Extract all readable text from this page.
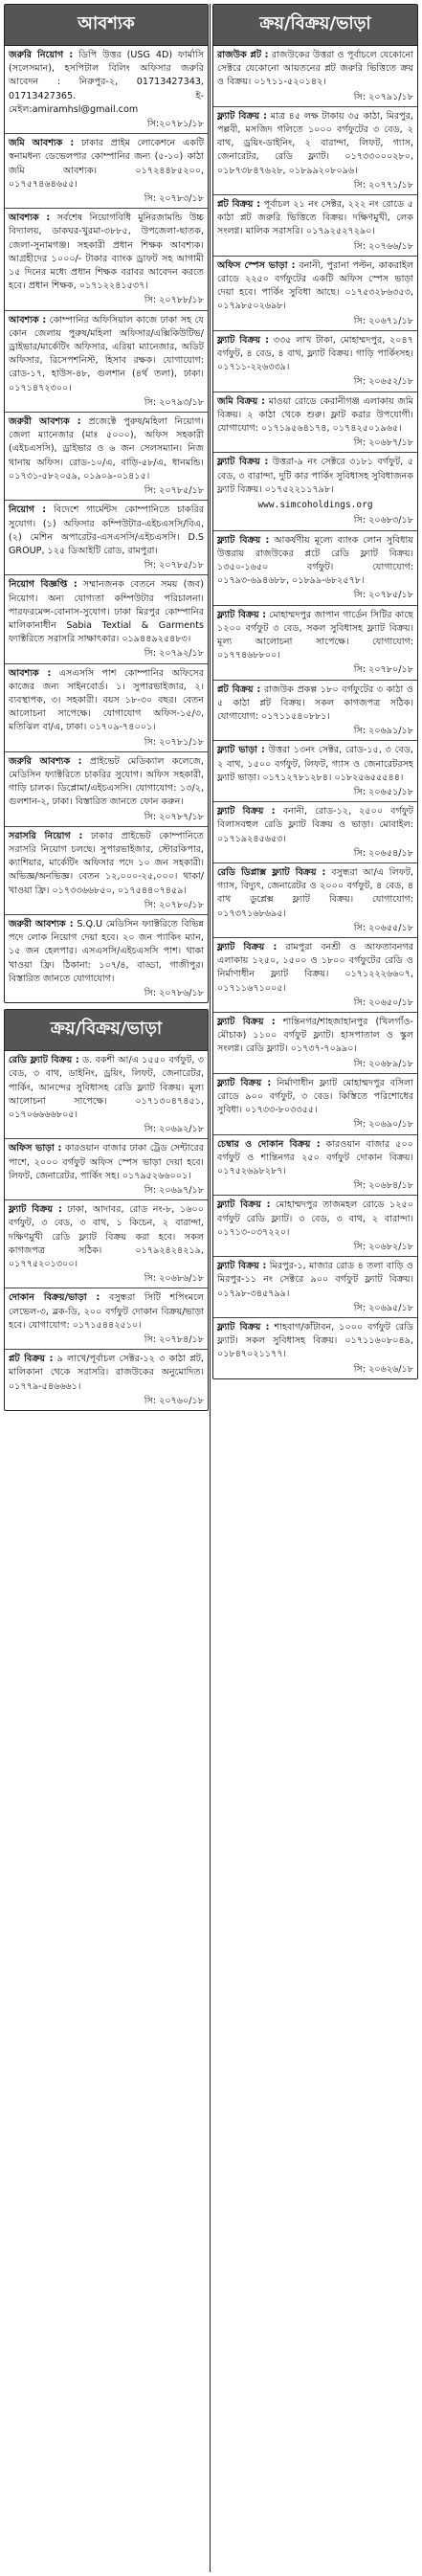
আবশ্যক
জরুরি নিয়োগ : ডিপি উত্তর (USG 4D) ফার্মাসি (সলেসমান), হসপিটাল বিলিং অফিসার জরুরি আবেদন : নিরুপুর-২, 01713427343, 01713427365. ই-মেইল:amiramhsl@gmail.com
সি:২০৭৮১/১৮
জমি আবশ্যক : ঢাকার প্রাইম লোকেশনে একটি স্বনামধন্য ডেভেলপার কোম্পানির জন্য (৫-১০) কাঠা জমি আবশ্যক। ০১৭২৪৪৮৫২০০, ০১৭৫৭৪৬৪৬৫৫।
সি: ২০৭৮৩/১৮
আবশ্যক : সর্বশেষ নিয়োগবিধি মুনিরজামন্ডি উচ্চ বিদ্যালয়, ডাকঘর-খুরমা-৩৮৮৫, উপজেলা-ছাতক, জেলা-সুনামগঞ্জ। সহকারী প্রধান শিক্ষক আবশ্যক। আগ্রহীদের ১০০০/- টাকার ব্যাংক ড্রাফট সহ আগামী ১৫ দিনের মধ্যে প্রধান শিক্ষক বরাবর আবেদন করতে হবে। প্রধান শিক্ষক, ০১৭১২২৪১৫৩৭।
সি: ২০৭৮৮/১৮
আবশ্যক : কোম্পানির অফিসিয়াল কাজে ঢাকা সহ যে কোন জেলায় পুরুষ/মহিলা অফিসার/এক্সিকিউটিভ/ড্রাইভার/মার্কেটিং অফিসার, এরিয়া ম্যানেজার, অডিট অফিসার, রিসেপশনিস্ট, হিসাব রক্ষক। যোগাযোগ: রোড-১৭, হাউস-৪৮, গুলশান (৪র্থ তলা), ঢাকা। ০১৭১৪৭২৩০০।
সি: ২০৭৯৩/১৮
জরুরী আবশ্যক : প্রজেক্টে পুরুষ/মহিলা নিয়োগ। জেলা ম্যানেজার (মাঃ ৫০০০), অফিস সহকারী (এইচএসসি), ড্রাইভার ও ৬ জন সেলসম্যান। নিজ থানায় অফিস। রোড-১০/এ, বাড়ি-৫৮/এ, ধানমন্ডি। ০১৭৩১-৫৮২০৫৯, ০১৯০৯-০১৪১৫।
সি: ২০৭৮৫/১৮
নিয়োগ : বিদেশে গার্মেন্টস কোম্পানিতে চাকরির সুযোগ। (১) অফিসার কম্পিউটার-এইচএসসি/বিএ, (২) মেশিন অপারেটর-এসএসসি/এইচএসসি। D.S GROUP, ১২৫ ডিআইটি রোড, রামপুরা।
সি: ২০৭৮৫/১৮
নিয়োগ বিজ্ঞপ্তি : সম্মানজনক বেতনে সময় (জব) নিয়োগ। অন্য যোগ্যতা কম্পিউটার পরিচালনা। পারফরমেন্স-বোনাস-সুযোগ। ঢাকা মিরপুর কোম্পানির মালিকানাধীন Sabia Textial & Garments ফ্যাক্টরিতে সরাসরি সাক্ষাৎকার। ০১৯৪৪৯২৫৪৮৩।
সি: ২০৭৯২/১৮
আবশ্যক : এসএসসি পাশ কোম্পানির অফিসের কাজের জন্য সাইনবোর্ড। ১। সুপারভাইজার, ২। ব্যবস্থাপক, ৩। সহকারী। বয়স ১৮-৩০ বছর। বেতন আলোচনা সাপেক্ষে। যোগাযোগ অফিস-১৫/৩, মতিঝিল বা/এ, ঢাকা। ০১৭০৯-৭৪০০১।
সি: ২০৭৮১/১৮
জরুরি আবশ্যক : প্রাইভেট মেডিক্যাল কলেজে, মেডিসিন ফ্যাক্টরিতে চাকরির সুযোগ। অফিস সহকারী, গাড়ি চালক। ডিপ্লোমা/এইচএসসি। যোগাযোগ: ১৩/২, গুলশান-২, ঢাকা। বিস্তারিত জানতে ফোন করুন।
সি: ২০৭৮৭/১৮
সরাসরি নিয়োগ : ঢাকার প্রাইভেট কোম্পানিতে সরাসরি নিয়োগ চলছে। সুপারভাইজার, স্টোরকিপার, ক্যাশিয়ার, মার্কেটিং অফিসার পদে ১০ জন সহকারী। অভিজ্ঞ/অনভিজ্ঞ। বেতন ১২,০০০-২৫,০০০। থাকা/খাওয়া ফ্রি। ০১৭৩৩৬৬৮৫০, ০১৭৫৪৪০৭৪৫৯।
সি: ২০৭৮০/১৮
জরুরী আবশ্যক : S.Q.U মেডিসিন ফ্যাক্টরিতে বিভিন্ন পদে লোক নিয়োগ দেয়া হবে। ২০ জন প্যাকিং ম্যান, ১৫ জন হেলপার। এসএসসি/এইচএসসি পাশ। থাকা খাওয়া ফ্রি। ঠিকানা: ১০৭/৪, বাড্ডা, গাজীপুর। বিস্তারিত জানতে যোগাযোগ।
সি: ২০৭৮৬/১৮
ক্রয়/বিক্রয়/ভাড়া
রেডি ফ্ল্যাট বিক্রয় : ড. বকশী আ/এ ১৫৫০ বর্গফুট, ৩ বেড, ৩ বাথ, ডাইনিং, ড্রয়িং, লিফট, জেনারেটর, পার্কিং, আনন্দের সুবিধাসহ রেডি ফ্ল্যাট বিক্রয়। মূল্য আলোচনা সাপেক্ষে। ০১৭১৩০৪৭৪৫১, ০১৭০৬৬৬৬৮০৫।
সি: ২০৬৯২/১৮
অফিস ভাড়া : কারওয়ান বাজার ঢাকা ট্রেড সেন্টারের পাশে, ২০০০ বর্গফুট অফিস স্পেস ভাড়া দেয়া হবে। লিফট, জেনারেটর, পার্কিং সহ। ০১৭৯৫২৬৬০০১।
সি: ২০৬৯৭/১৮
ফ্ল্যাট বিক্রয় : ঢাকা, আদাবর, রোড নং-৮, ১৬০০ বর্গফুট, ৩ বেড, ৩ বাথ, ১ কিচেন, ২ বারান্দা, দক্ষিণমুখী রেডি ফ্ল্যাট বিক্রয় করা হবে। সকল কাগজপত্র সঠিক। ০১৭৯২৪২৪২১৯, ০১৭৭৫২০১৩০০।
সি: ২০৬৮৬/১৮
দোকান বিক্রয়/ভাড়া : বসুন্ধরা সিটি শপিংমলে লেভেল-৩, ব্লক-ডি, ২০০ বর্গফুট দোকান বিক্রয়/ভাড়া হবে। যোগাযোগ: ০১৭১৫৪৪২৫১০।
সি: ২০৭৮৪/১৮
প্লট বিক্রয় : ৯ লাখে/পূর্বাচল সেক্টর-১২ ৩ কাঠা প্লট, মালিকানা থেকে সরাসরি। রাজউকের অনুমোদিত। ০১৭৭৯-৫৪৬৬৬১।
সি: ২০৭৬০/১৮
ক্রয়/বিক্রয়/ভাড়া
রাজউক প্লট : রাজউকের উত্তরা ও পূর্বাচলে যেকোনো সেক্টরে যেকোনো আয়তনের প্লট জরুরি ভিত্তিতে ক্রয় ও বিক্রয়। ০১৭১১-৫২০১৪২।
সি: ২০৭৯১/১৮
ফ্ল্যাট বিক্রয় : মাত্র ৪৫ লক্ষ টাকায় ৩৫ কাঠা, মিরপুর, পল্লবী, মসজিদ গলিতে ১০০০ বর্গফুটের ৩ বেড, ২ বাথ, ড্রয়িং-ডাইনিং, ২ বারান্দা, লিফট, গ্যাস, জেনারেটর, রেডি ফ্ল্যাট। ০১৭৩৩০০০২৮০, ০১৮৭৩৮৪৭৬২৮, ০১৮৯৯২০৮০৯৬।
সি: ২০৭৭১/১৮
প্লট বিক্রয় : পূর্বাচল ২১ নং সেক্টর, ২২২ নং রোডে ৫ কাঠা প্লট জরুরি ভিত্তিতে বিক্রয়। দক্ষিণমুখী, লেক সংলগ্ন। মালিক সরাসরি। ০১৭৯২৫২৭২৯০।
সি: ২০৭৬৬/১৮
অফিস স্পেস ভাড়া : বনানী, পুরানা পল্টন, কাকরাইল রোডে ২২৫০ বর্গফুটের একটি অফিস স্পেস ভাড়া দেয়া হবে। পার্কিং সুবিধা আছে। ০১৭৫৩২৮৬৩৫৩, ০১৭৯৮৫০২৬৯৮।
সি: ২০৬৭১/১৮
ফ্ল্যাট বিক্রয় : ৩৩৫ লাখ টাকা, মোহাম্মদপুর, ২০৪৭ বর্গফুট, ৪ বেড, ৪ বাথ, ফ্ল্যাট বিক্রয়। গাড়ি পার্কিংসহ। ০১৭১১-২২৬৩৩৯।
সি: ২০৬৫২/১৮
জমি বিক্রয় : মাওয়া রোডে কেরানীগঞ্জ এলাকায় জমি বিক্রয়। ২ কাঠা থেকে শুরু। ফ্লাট করার উপযোগী। যোগাযোগ: ০১৭১৯৫৬৪১৭৪, ০১৭৪২৫০১৯৬৫।
সি: ২০৬৮৭/১৮
ফ্ল্যাট বিক্রয় : উত্তরা-৯ নং সেক্টরে ৩১৮১ বর্গফুট, ৫ বেড, ৩ বারান্দা, দুটি কার পার্কিং সুবিধাসহ সুবিধাজনক ফ্ল্যাট বিক্রয়। ০১৭৫২২১১৭৯৮।
www.simcoholdings.org
সি: ২০৬৮৩/১৮
ফ্ল্যাট বিক্রয় : আকর্ষণীয় মূল্যে ব্যাংক লোন সুবিধায় উত্তরায় রাজউকের প্লটে রেডি ফ্ল্যাট বিক্রয়। ১৩৫০-১৬৫০ বর্গফুট। যোগাযোগ: ০১৭৯৩-৬৯৪৬৮৮, ০১৮৯৯-৬৮২৫৭৮।
সি: ২০৭৮৫/১৮
ফ্ল্যাট বিক্রয় : মোহাম্মদপুর জাপান গার্ডেন সিটির কাছে ১২০০ বর্গফুট ৩ বেড, সকল সুবিধাসহ ফ্ল্যাট বিক্রয়। মূল্য আলোচনা সাপেক্ষে। যোগাযোগ: ০১৭৭৪৬৮৮০০।
সি: ২০৭৮০/১৮
প্লট বিক্রয় : রাজউক প্রকল্প ১৮০ বর্গফুটের ৩ কাঠা ও ৫ কাঠা প্লট বিক্রয়। সকল কাগজপত্র সঠিক। যোগাযোগ: ০১৭১১৫৪০৮৮১।
সি: ২০৬৯১/১৮
ফ্ল্যাট ভাড়া : উত্তরা ১৩নং সেক্টর, রোড-১৫, ৩ বেড, ২ বাথ, ১৫০০ বর্গফুট, লিফট, গ্যাস ও জেনারেটরসহ ফ্ল্যাট ভাড়া। ০১৭১২৭৮১২৮৪। ০১৮২৫৬৫৫৫৪৪।
সি: ২০৬৫১/১৮
ফ্ল্যাট বিক্রয় : বনানী, রোড-১২, ২৫০০ বর্গফুট বিলাসবহুল রেডি ফ্ল্যাট বিক্রয় ও ভাড়া। মোবাইল: ০১৭১৯২৪৫৬৫৩।
সি: ২০৬৫৪/১৮
রেডি ডিপ্লাক্স ফ্ল্যাট বিক্রয় : বসুন্ধরা আ/এ লিফট, গ্যাস, বিদ্যুৎ, জেনারেটর ও ২০০০ বর্গফুট, ৪ বেড, ৪ বাথ ডুপ্লেক্স ফ্ল্যাট বিক্রয়। যোগাযোগ: ০১৭৩৭১৬৮৬৯৫।
সি: ২০৬৫৫/১৮
ফ্ল্যাট বিক্রয় : রামপুরা বনশ্রী ও আফতাবনগর এলাকায় ১২৫০, ১৫০০ ও ১৮০০ বর্গফুটের রেডি ও নির্মাণাধীন ফ্ল্যাট বিক্রয়। ০১৭১২২২৬৬০৭, ০১৭১১৬৭১০০৫।
সি: ২০৬৫০/১৮
ফ্ল্যাট বিক্রয় : শান্তিনগর/শাহজাহানপুর (খিলগাঁও-মৌচাক) ১১০০ বর্গফুট ফ্ল্যাট। হাসপাতাল ও স্কুল সংলগ্ন। রেডি ফ্ল্যাট। ০১৭৩৭-৭০৯৯০।
সি: ২০৬৮৯/১৮
ফ্ল্যাট বিক্রয় : নির্মাণাধীন ফ্ল্যাট মোহাম্মদপুর বসিলা রোডে ৯০০ বর্গফুট, ৩ বেড। কিস্তিতে পরিশোধের সুবিধা। ০১৭৩৩-৮০৩৩৫৫।
সি: ২০৬৯০/১৮
চেম্বার ও দোকান বিক্রয় : কারওয়ান বাজার ৫০০ বর্গফুট ও শান্তিনগর ২৫০ বর্গফুট দোকান বিক্রয়। ০১৭৫২৬৯৮২৮৭।
সি: ২০৬৮৪/১৮
ফ্ল্যাট বিক্রয় : মোহাম্মদপুর তাজমহল রোডে ১২৫০ বর্গফুট রেডি ফ্ল্যাট। ৩ বেড, ৩ বাথ, ২ বারান্দা। ০১৭১৩-০৩৭২২০।
সি: ২০৬৮২/১৮
ফ্ল্যাট বিক্রয় : মিরপুর-১, মাজার রোড ৪ তলা বাড়ি ও মিরপুর-১১ নং সেক্টরে ৯০০ বর্গফুট ফ্ল্যাট বিক্রয়। ০১৭৯৮-৩৪৫৭৯৯।
সি: ২০৬৯৫/১৮
ফ্ল্যাট বিক্রয় : শাহবাগ/কাঁটাবন, ১০০০ বর্গফুট রেডি ফ্ল্যাট। সকল সুবিধাসহ বিক্রয়। ০১৭১১৬০৮০৪৯, ০১৮৪৭০২১১৭৭।
সি: ২০৬২৬/১৮
